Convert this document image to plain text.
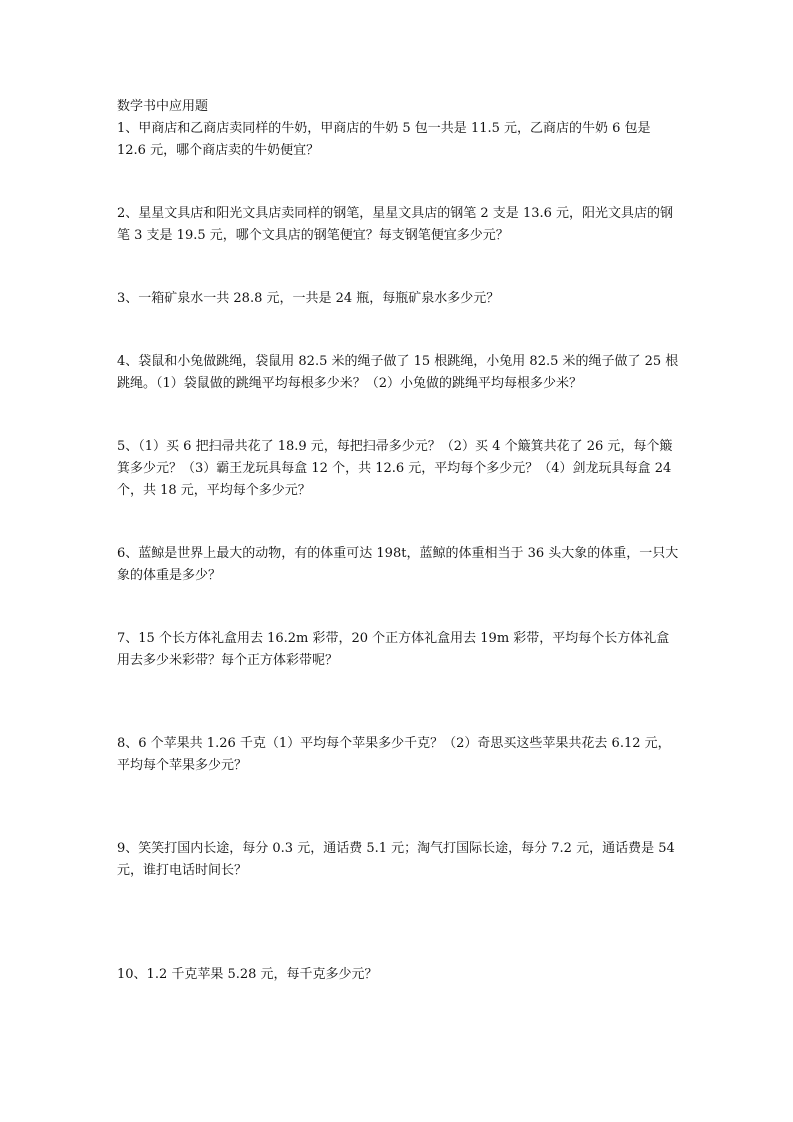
数学书中应用题

1、甲商店和乙商店卖同样的牛奶，甲商店的牛奶 5 包一共是 11.5 元，乙商店的牛奶 6 包是 12.6 元，哪个商店卖的牛奶便宜？

2、星星文具店和阳光文具店卖同样的钢笔，星星文具店的钢笔 2 支是 13.6 元，阳光文具店的钢笔 3 支是 19.5 元，哪个文具店的钢笔便宜？每支钢笔便宜多少元？

3、一箱矿泉水一共 28.8 元，一共是 24 瓶，每瓶矿泉水多少元？

4、袋鼠和小兔做跳绳，袋鼠用 82.5 米的绳子做了 15 根跳绳，小兔用 82.5 米的绳子做了 25 根跳绳。（1）袋鼠做的跳绳平均每根多少米？（2）小兔做的跳绳平均每根多少米？

5、（1）买 6 把扫帚共花了 18.9 元，每把扫帚多少元？（2）买 4 个簸箕共花了 26 元，每个簸箕多少元？（3）霸王龙玩具每盒 12 个，共 12.6 元，平均每个多少元？（4）剑龙玩具每盒 24 个，共 18 元，平均每个多少元？

6、蓝鲸是世界上最大的动物，有的体重可达 198t，蓝鲸的体重相当于 36 头大象的体重，一只大象的体重是多少？

7、15 个长方体礼盒用去 16.2m 彩带，20 个正方体礼盒用去 19m 彩带，平均每个长方体礼盒用去多少米彩带？每个正方体彩带呢？

8、6 个苹果共 1.26 千克（1）平均每个苹果多少千克？（2）奇思买这些苹果共花去 6.12 元，平均每个苹果多少元？

9、笑笑打国内长途，每分 0.3 元，通话费 5.1 元；淘气打国际长途，每分 7.2 元，通话费是 54 元，谁打电话时间长？

10、1.2 千克苹果 5.28 元，每千克多少元？
